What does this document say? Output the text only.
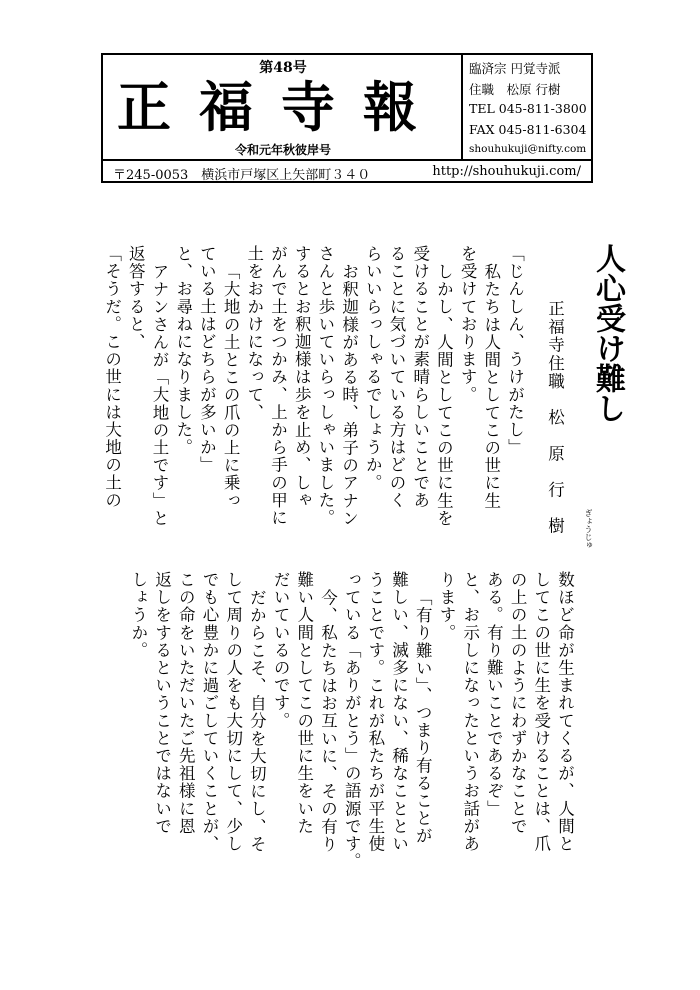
第48号
正福寺報
令和元年秋彼岸号
臨済宗 円覚寺派
住職　松原 行樹
TEL 045-811-3800
FAX 045-811-6304
shouhukuji@nifty.com
〒245-0053　横浜市戸塚区上矢部町３４０	http://shouhukuji.com/
人心受け難し
正福寺住職　松　原　行　樹 ぎょうじゅ
「じんしん、うけがたし」
私たちは人間としてこの世に生
を受けております。
しかし、人間としてこの世に生を
受けることが素晴らしいことであ
ることに気づいている方はどのく
らいいらっしゃるでしょうか。
お釈迦様がある時、弟子のアナン
さんと歩いていらっしゃいました。
するとお釈迦様は歩を止め、しゃ
がんで土をつかみ、上から手の甲に
土をおかけになって、
「大地の土とこの爪の上に乗っ
ている土はどちらが多いか」
と、お尋ねになりました。
アナンさんが「大地の土です」と
返答すると、
「そうだ。この世には大地の土の
数ほど命が生まれてくるが、人間と
してこの世に生を受けることは、爪
の上の土のようにわずかなことで
ある。有り難いことであるぞ」
と、お示しになったというお話があ
ります。
「有り難い」、つまり有ることが
難しい、滅多にない、稀なこととい
うことです。これが私たちが平生使
っている「ありがとう」の語源です。
今、私たちはお互いに、その有り
難い人間としてこの世に生をいた
だいているのです。
だからこそ、自分を大切にし、そ
して周りの人をも大切にして、少し
でも心豊かに過ごしていくことが、
この命をいただいたご先祖様に恩
返しをするということではないで
しょうか。
